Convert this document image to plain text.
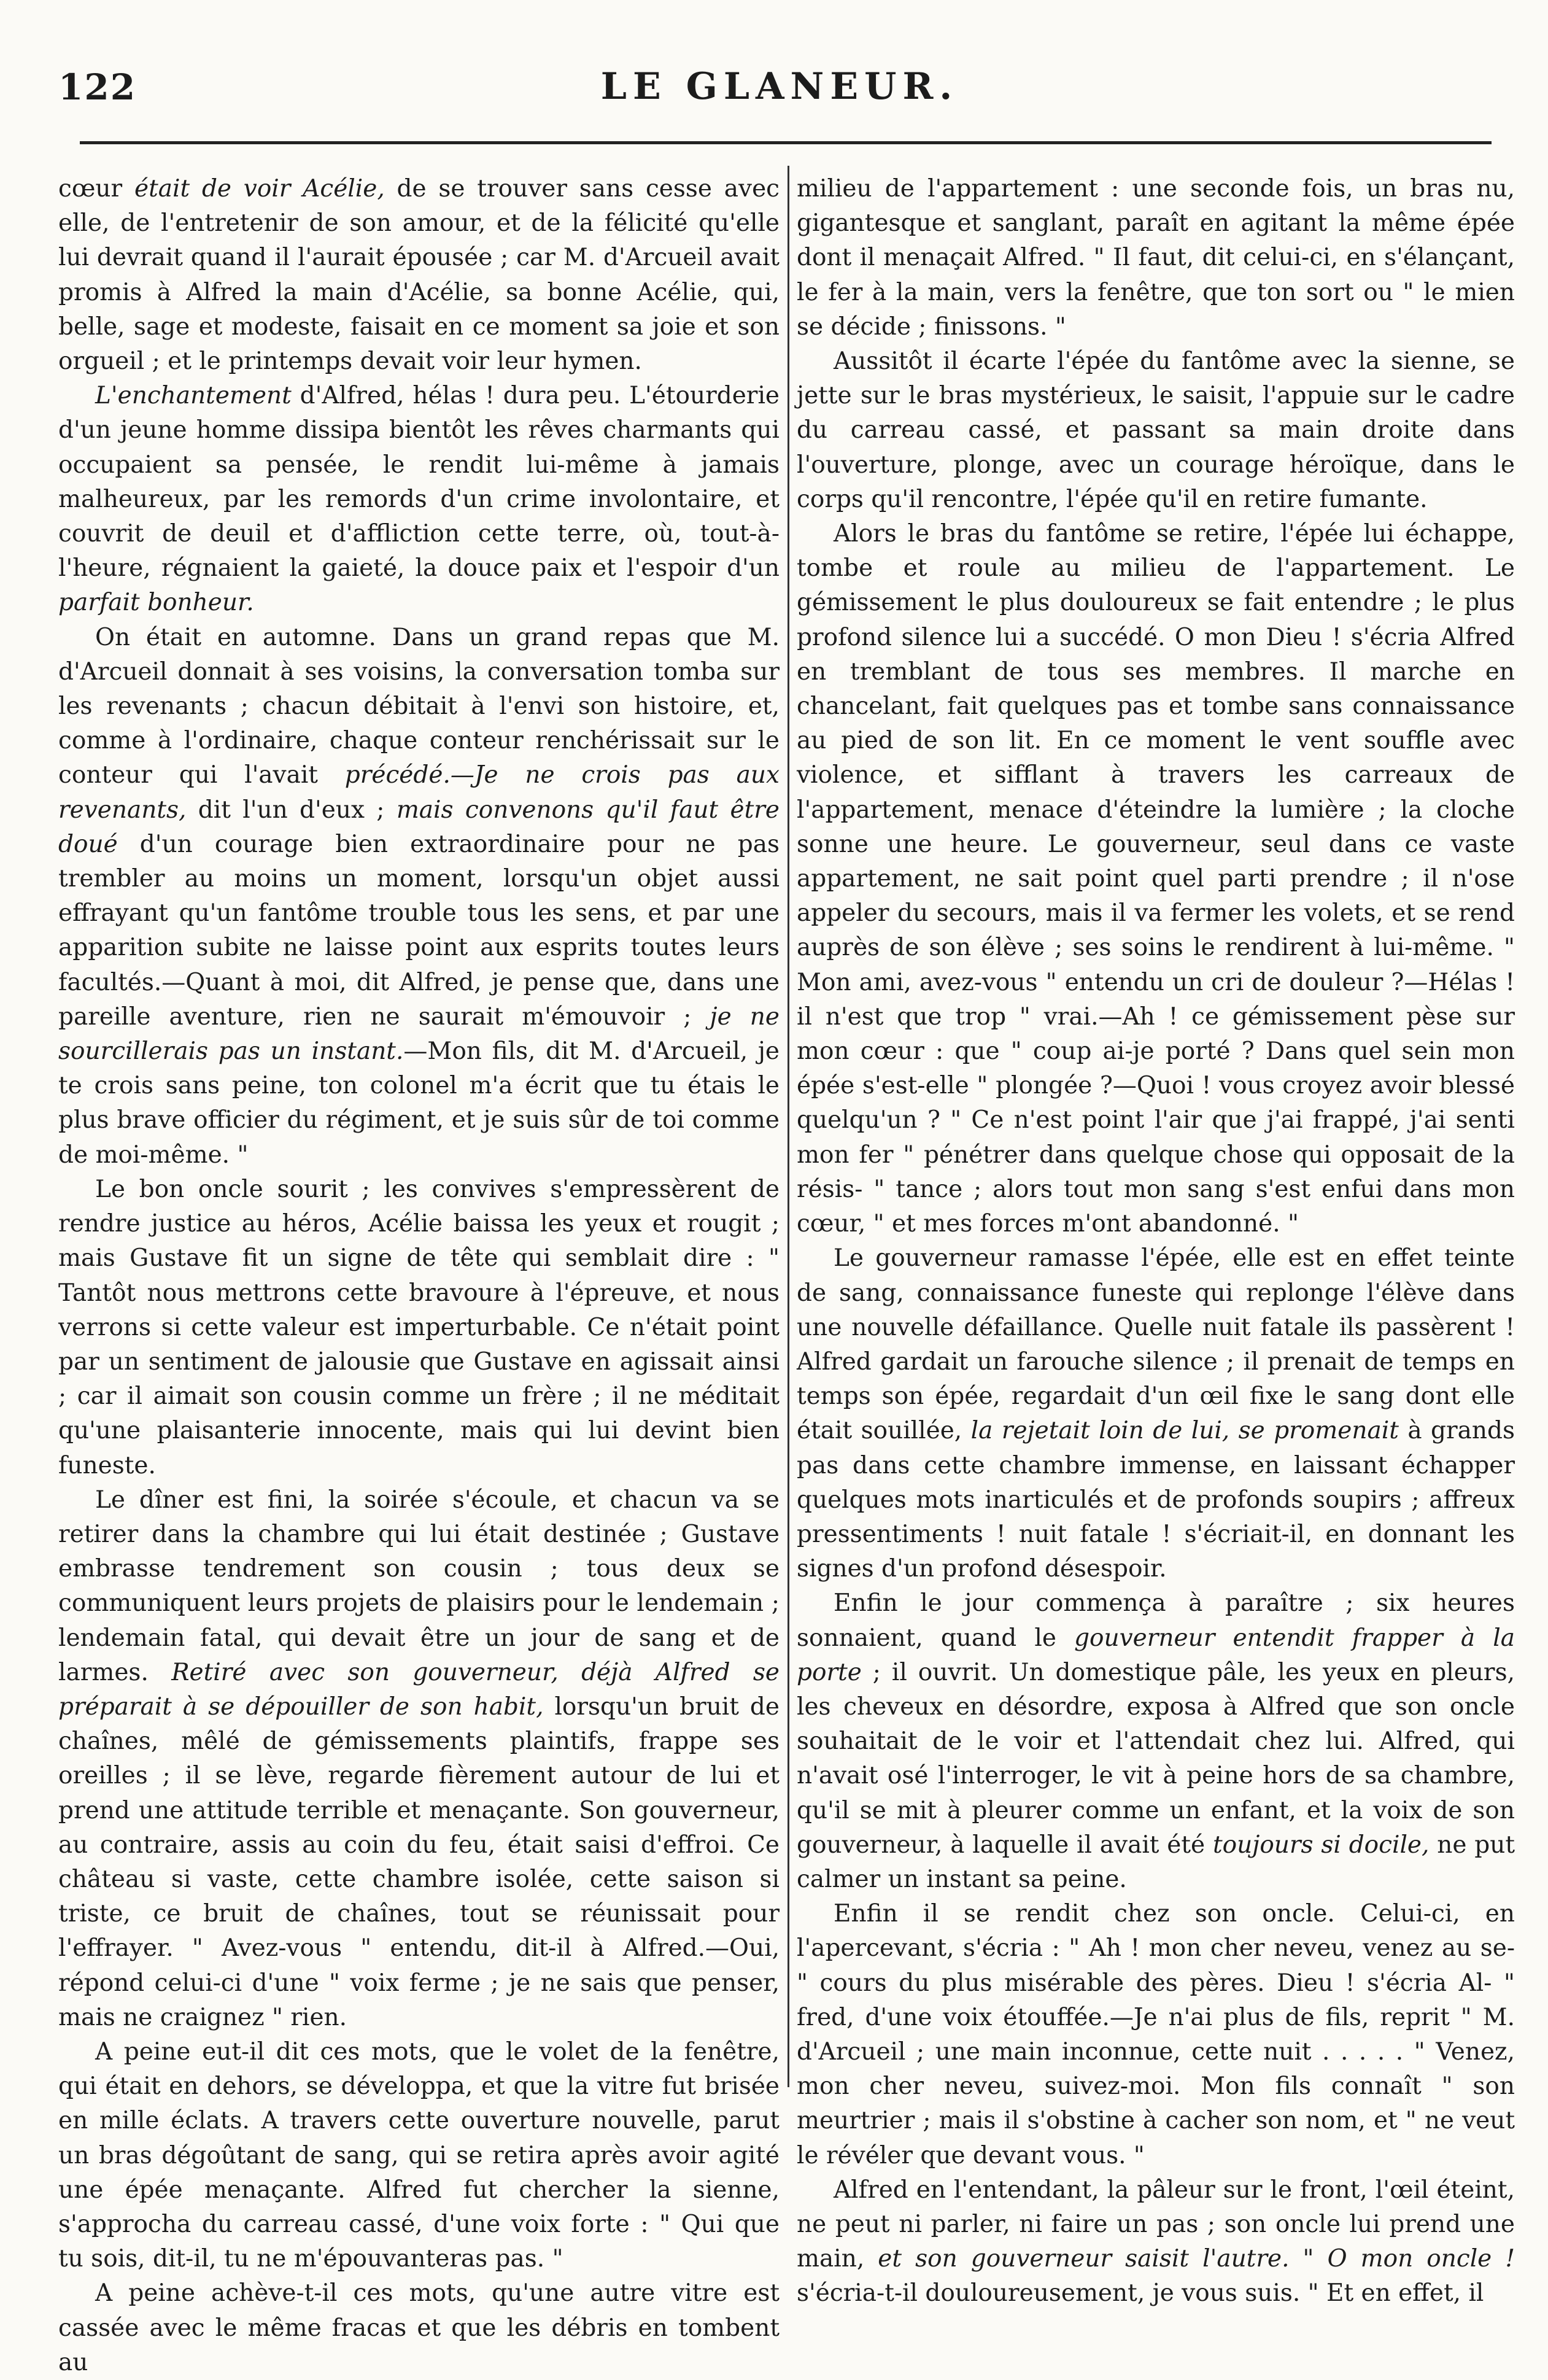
122	LE GLANEUR.

cœur était de voir Acélie, de se trouver sans cesse avec elle, de l'entretenir de son amour, et de la félicité qu'elle lui devrait quand il l'aurait épousée ; car M. d'Arcueil avait promis à Alfred la main d'Acélie, sa bonne Acélie, qui, belle, sage et modeste, faisait en ce moment sa joie et son orgueil ; et le printemps devait voir leur hymen.

L'enchantement d'Alfred, hélas ! dura peu. L'étourderie d'un jeune homme dissipa bientôt les rêves charmants qui occupaient sa pensée, le rendit lui-même à jamais malheureux, par les remords d'un crime involontaire, et couvrit de deuil et d'affliction cette terre, où, tout-à-l'heure, régnaient la gaieté, la douce paix et l'espoir d'un parfait bonheur.

On était en automne. Dans un grand repas que M. d'Arcueil donnait à ses voisins, la conversation tomba sur les revenants ; chacun débitait à l'envi son histoire, et, comme à l'ordinaire, chaque conteur renchérissait sur le conteur qui l'avait précédé.—Je ne crois pas aux revenants, dit l'un d'eux ; mais convenons qu'il faut être doué d'un courage bien extraordinaire pour ne pas trembler au moins un moment, lorsqu'un objet aussi effrayant qu'un fantôme trouble tous les sens, et par une apparition subite ne laisse point aux esprits toutes leurs facultés.—Quant à moi, dit Alfred, je pense que, dans une pareille aventure, rien ne saurait m'émouvoir ; je ne sourcillerais pas un instant.—Mon fils, dit M. d'Arcueil, je te crois sans peine, ton colonel m'a écrit que tu étais le plus brave officier du régiment, et je suis sûr de toi comme de moi-même. "

Le bon oncle sourit ; les convives s'empressèrent de rendre justice au héros, Acélie baissa les yeux et rougit ; mais Gustave fit un signe de tête qui semblait dire : " Tantôt nous mettrons cette bravoure à l'épreuve, et nous verrons si cette valeur est imperturbable. Ce n'était point par un sentiment de jalousie que Gustave en agissait ainsi ; car il aimait son cousin comme un frère ; il ne méditait qu'une plaisanterie innocente, mais qui lui devint bien funeste.

Le dîner est fini, la soirée s'écoule, et chacun va se retirer dans la chambre qui lui était destinée ; Gustave embrasse tendrement son cousin ; tous deux se communiquent leurs projets de plaisirs pour le lendemain ; lendemain fatal, qui devait être un jour de sang et de larmes. Retiré avec son gouverneur, déjà Alfred se préparait à se dépouiller de son habit, lorsqu'un bruit de chaînes, mêlé de gémissements plaintifs, frappe ses oreilles ; il se lève, regarde fièrement autour de lui et prend une attitude terrible et menaçante. Son gouverneur, au contraire, assis au coin du feu, était saisi d'effroi. Ce château si vaste, cette chambre isolée, cette saison si triste, ce bruit de chaînes, tout se réunissait pour l'effrayer. " Avez-vous " entendu, dit-il à Alfred.—Oui, répond celui-ci d'une " voix ferme ; je ne sais que penser, mais ne craignez " rien.

A peine eut-il dit ces mots, que le volet de la fenêtre, qui était en dehors, se développa, et que la vitre fut brisée en mille éclats. A travers cette ouverture nouvelle, parut un bras dégoûtant de sang, qui se retira après avoir agité une épée menaçante. Alfred fut chercher la sienne, s'approcha du carreau cassé, d'une voix forte : " Qui que tu sois, dit-il, tu ne m'épouvanteras pas. "

A peine achève-t-il ces mots, qu'une autre vitre est cassée avec le même fracas et que les débris en tombent au

milieu de l'appartement : une seconde fois, un bras nu, gigantesque et sanglant, paraît en agitant la même épée dont il menaçait Alfred. " Il faut, dit celui-ci, en s'élançant, le fer à la main, vers la fenêtre, que ton sort ou " le mien se décide ; finissons. "

Aussitôt il écarte l'épée du fantôme avec la sienne, se jette sur le bras mystérieux, le saisit, l'appuie sur le cadre du carreau cassé, et passant sa main droite dans l'ouverture, plonge, avec un courage héroïque, dans le corps qu'il rencontre, l'épée qu'il en retire fumante.

Alors le bras du fantôme se retire, l'épée lui échappe, tombe et roule au milieu de l'appartement. Le gémissement le plus douloureux se fait entendre ; le plus profond silence lui a succédé. O mon Dieu ! s'écria Alfred en tremblant de tous ses membres. Il marche en chancelant, fait quelques pas et tombe sans connaissance au pied de son lit. En ce moment le vent souffle avec violence, et sifflant à travers les carreaux de l'appartement, menace d'éteindre la lumière ; la cloche sonne une heure. Le gouverneur, seul dans ce vaste appartement, ne sait point quel parti prendre ; il n'ose appeler du secours, mais il va fermer les volets, et se rend auprès de son élève ; ses soins le rendirent à lui-même. " Mon ami, avez-vous " entendu un cri de douleur ?—Hélas ! il n'est que trop " vrai.—Ah ! ce gémissement pèse sur mon cœur : que " coup ai-je porté ? Dans quel sein mon épée s'est-elle " plongée ?—Quoi ! vous croyez avoir blessé quelqu'un ? " Ce n'est point l'air que j'ai frappé, j'ai senti mon fer " pénétrer dans quelque chose qui opposait de la résis- " tance ; alors tout mon sang s'est enfui dans mon cœur, " et mes forces m'ont abandonné. "

Le gouverneur ramasse l'épée, elle est en effet teinte de sang, connaissance funeste qui replonge l'élève dans une nouvelle défaillance. Quelle nuit fatale ils passèrent ! Alfred gardait un farouche silence ; il prenait de temps en temps son épée, regardait d'un œil fixe le sang dont elle était souillée, la rejetait loin de lui, se promenait à grands pas dans cette chambre immense, en laissant échapper quelques mots inarticulés et de profonds soupirs ; affreux pressentiments ! nuit fatale ! s'écriait-il, en donnant les signes d'un profond désespoir.

Enfin le jour commença à paraître ; six heures sonnaient, quand le gouverneur entendit frapper à la porte ; il ouvrit. Un domestique pâle, les yeux en pleurs, les cheveux en désordre, exposa à Alfred que son oncle souhaitait de le voir et l'attendait chez lui. Alfred, qui n'avait osé l'interroger, le vit à peine hors de sa chambre, qu'il se mit à pleurer comme un enfant, et la voix de son gouverneur, à laquelle il avait été toujours si docile, ne put calmer un instant sa peine.

Enfin il se rendit chez son oncle. Celui-ci, en l'apercevant, s'écria : " Ah ! mon cher neveu, venez au se- " cours du plus misérable des pères. Dieu ! s'écria Al- " fred, d'une voix étouffée.—Je n'ai plus de fils, reprit " M. d'Arcueil ; une main inconnue, cette nuit . . . . . " Venez, mon cher neveu, suivez-moi. Mon fils connaît " son meurtrier ; mais il s'obstine à cacher son nom, et " ne veut le révéler que devant vous. "

Alfred en l'entendant, la pâleur sur le front, l'œil éteint, ne peut ni parler, ni faire un pas ; son oncle lui prend une main, et son gouverneur saisit l'autre. " O mon oncle ! s'écria-t-il douloureusement, je vous suis. " Et en effet, il
